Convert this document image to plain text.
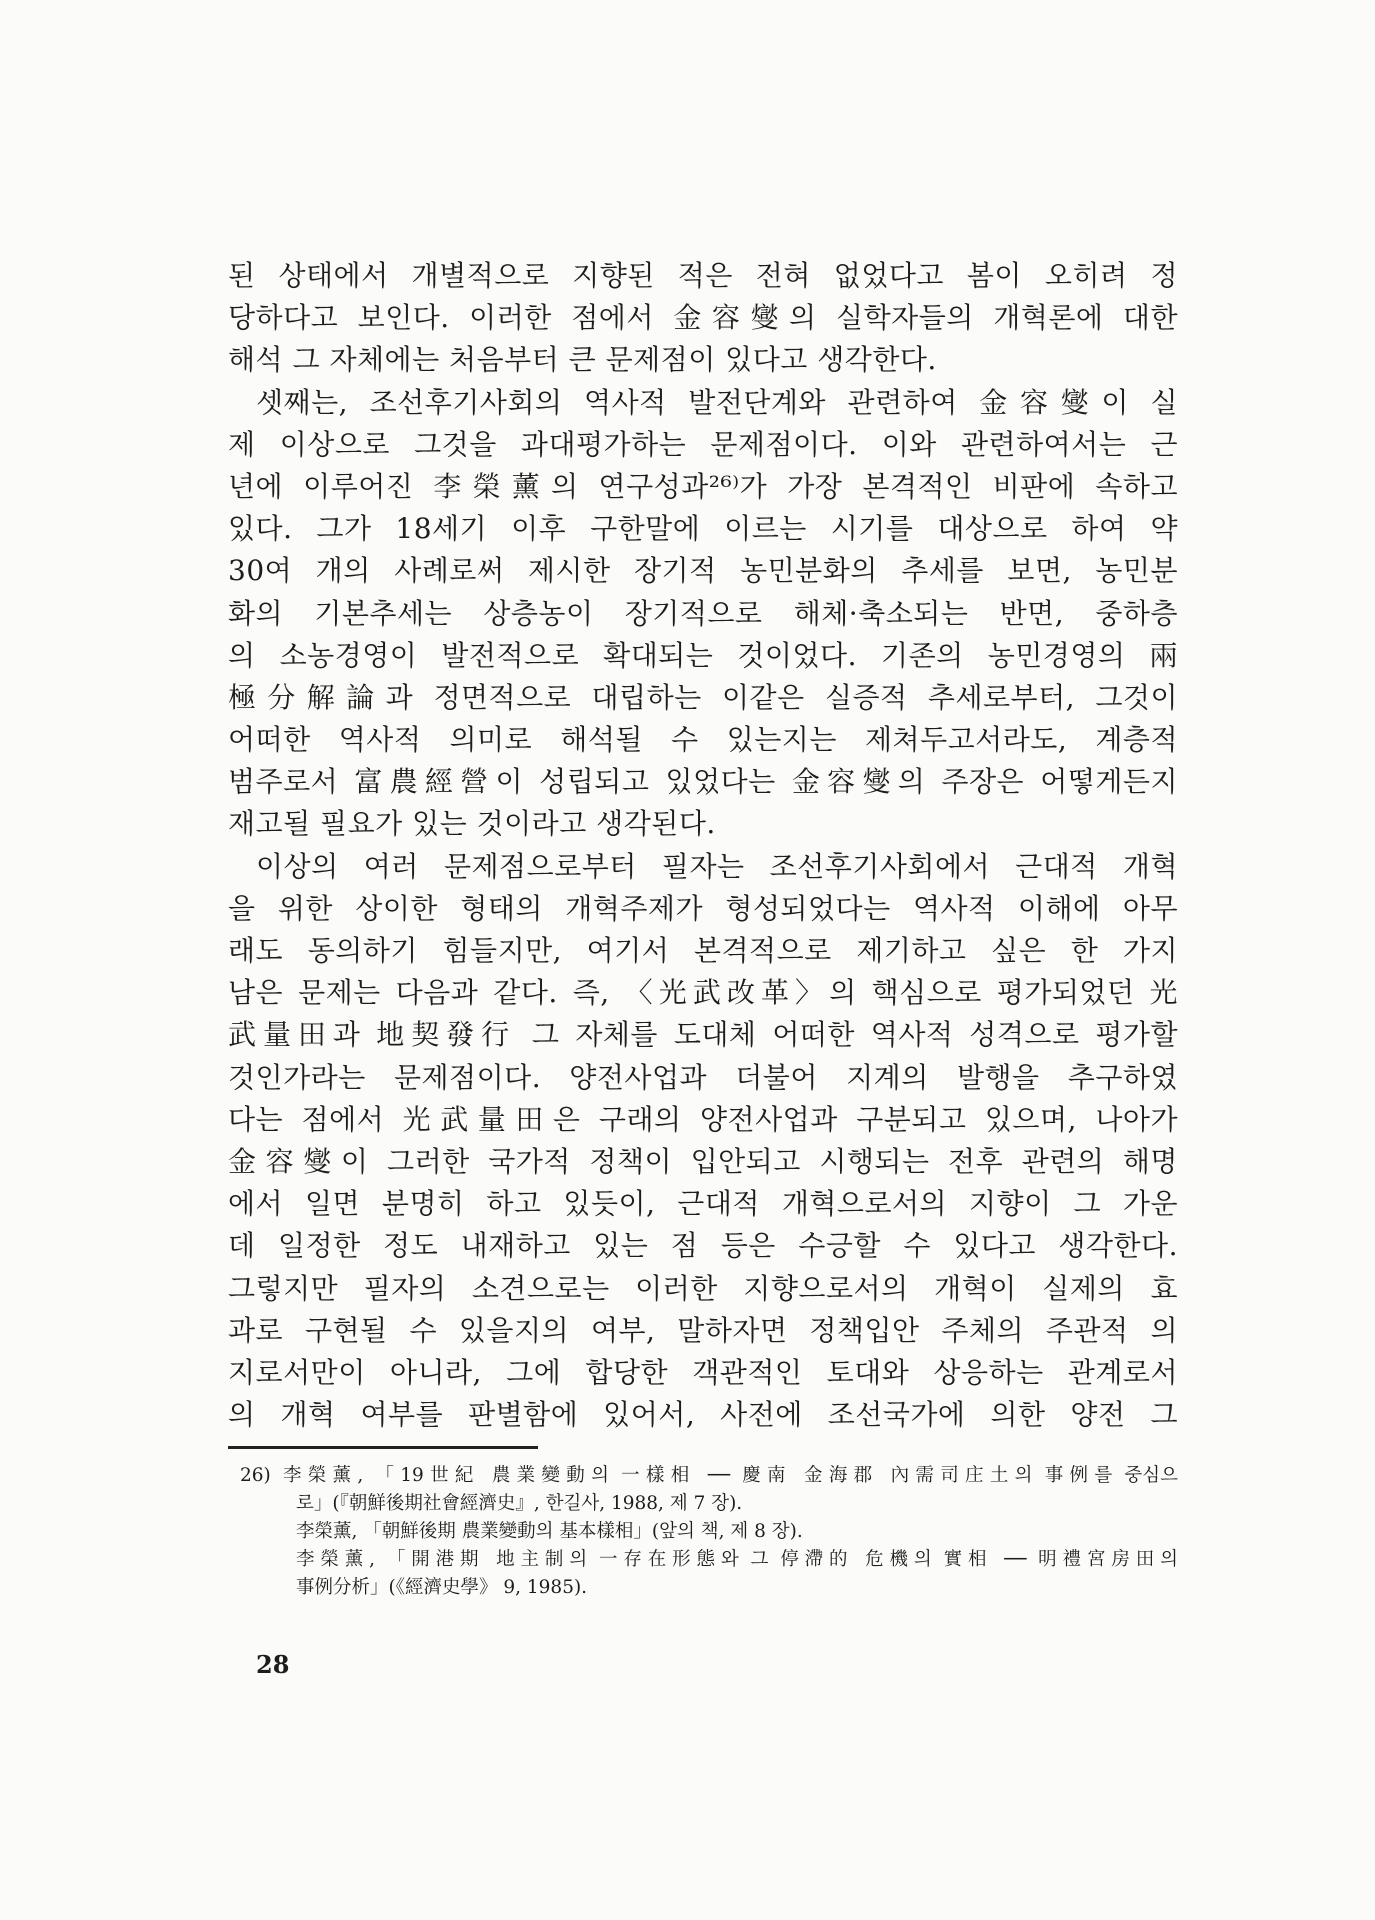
된 상태에서 개별적으로 지향된 적은 전혀 없었다고 봄이 오히려 정
당하다고 보인다. 이러한 점에서 金容燮의 실학자들의 개혁론에 대한
해석 그 자체에는 처음부터 큰 문제점이 있다고 생각한다.
셋째는, 조선후기사회의 역사적 발전단계와 관련하여 金容燮이 실
제 이상으로 그것을 과대평가하는 문제점이다. 이와 관련하여서는 근
년에 이루어진 李榮薰의 연구성과²⁶⁾가 가장 본격적인 비판에 속하고
있다. 그가 18세기 이후 구한말에 이르는 시기를 대상으로 하여 약
30여 개의 사례로써 제시한 장기적 농민분화의 추세를 보면, 농민분
화의 기본추세는 상층농이 장기적으로 해체·축소되는 반면, 중하층
의 소농경영이 발전적으로 확대되는 것이었다. 기존의 농민경영의 兩
極分解論과 정면적으로 대립하는 이같은 실증적 추세로부터, 그것이
어떠한 역사적 의미로 해석될 수 있는지는 제쳐두고서라도, 계층적
범주로서 富農經營이 성립되고 있었다는 金容燮의 주장은 어떻게든지
재고될 필요가 있는 것이라고 생각된다.
이상의 여러 문제점으로부터 필자는 조선후기사회에서 근대적 개혁
을 위한 상이한 형태의 개혁주제가 형성되었다는 역사적 이해에 아무
래도 동의하기 힘들지만, 여기서 본격적으로 제기하고 싶은 한 가지
남은 문제는 다음과 같다. 즉, 〈光武改革〉의 핵심으로 평가되었던 光
武量田과 地契發行 그 자체를 도대체 어떠한 역사적 성격으로 평가할
것인가라는 문제점이다. 양전사업과 더불어 지계의 발행을 추구하였
다는 점에서 光武量田은 구래의 양전사업과 구분되고 있으며, 나아가
金容燮이 그러한 국가적 정책이 입안되고 시행되는 전후 관련의 해명
에서 일면 분명히 하고 있듯이, 근대적 개혁으로서의 지향이 그 가운
데 일정한 정도 내재하고 있는 점 등은 수긍할 수 있다고 생각한다.
그렇지만 필자의 소견으로는 이러한 지향으로서의 개혁이 실제의 효
과로 구현될 수 있을지의 여부, 말하자면 정책입안 주체의 주관적 의
지로서만이 아니라, 그에 합당한 객관적인 토대와 상응하는 관계로서
의 개혁 여부를 판별함에 있어서, 사전에 조선국가에 의한 양전 그
26) 李榮薰, 「19世紀 農業變動의 一樣相 ── 慶南 金海郡 內需司庄土의 事例를 중심으
로」(『朝鮮後期社會經濟史』, 한길사, 1988, 제 7 장).
李榮薰, 「朝鮮後期 農業變動의 基本樣相」(앞의 책, 제 8 장).
李榮薰, 「開港期 地主制의 一存在形態와 그 停滯的 危機의 實相 ── 明禮宮房田의
事例分析」(《經濟史學》 9, 1985).
28
